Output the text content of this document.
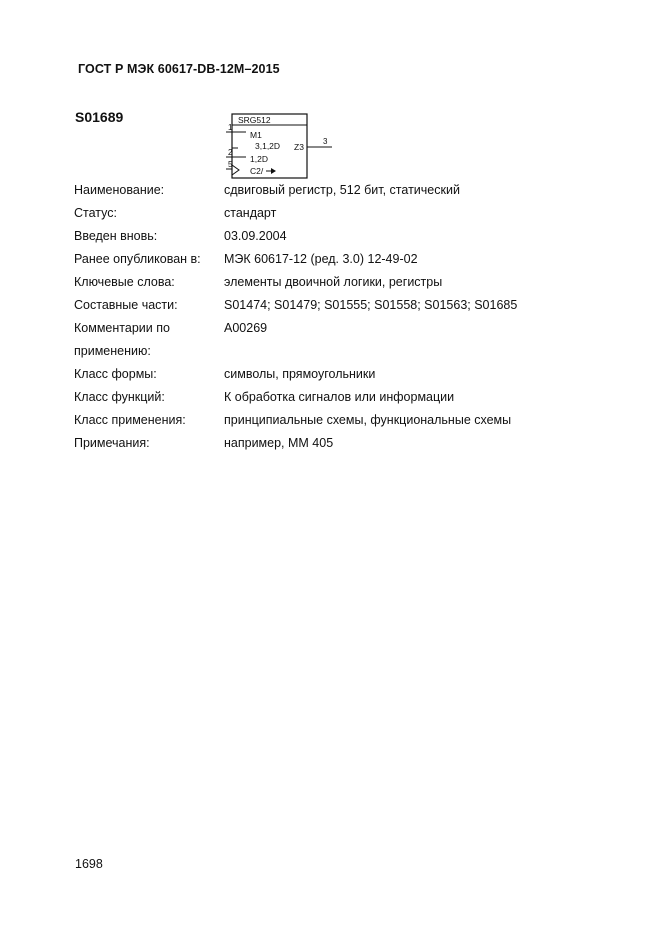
ГОСТ Р МЭК 60617-DB-12M–2015
S01689	SRG512
1
M1
3,1,2D
2
1,2D
5
C2/
3
Z3
Наименование:	сдвиговый регистр, 512 бит, статический
Статус:	стандарт
Введен вновь:	03.09.2004
Ранее опубликован в:	МЭК 60617-12 (ред. 3.0) 12-49-02
Ключевые слова:	элементы двоичной логики, регистры
Составные части:	S01474; S01479; S01555; S01558; S01563; S01685
Комментарии по	A00269
применению:
Класс формы:	символы, прямоугольники
Класс функций:	К обработка сигналов или информации
Класс применения:	принципиальные схемы, функциональные схемы
Примечания:	например, ММ 405
1698
